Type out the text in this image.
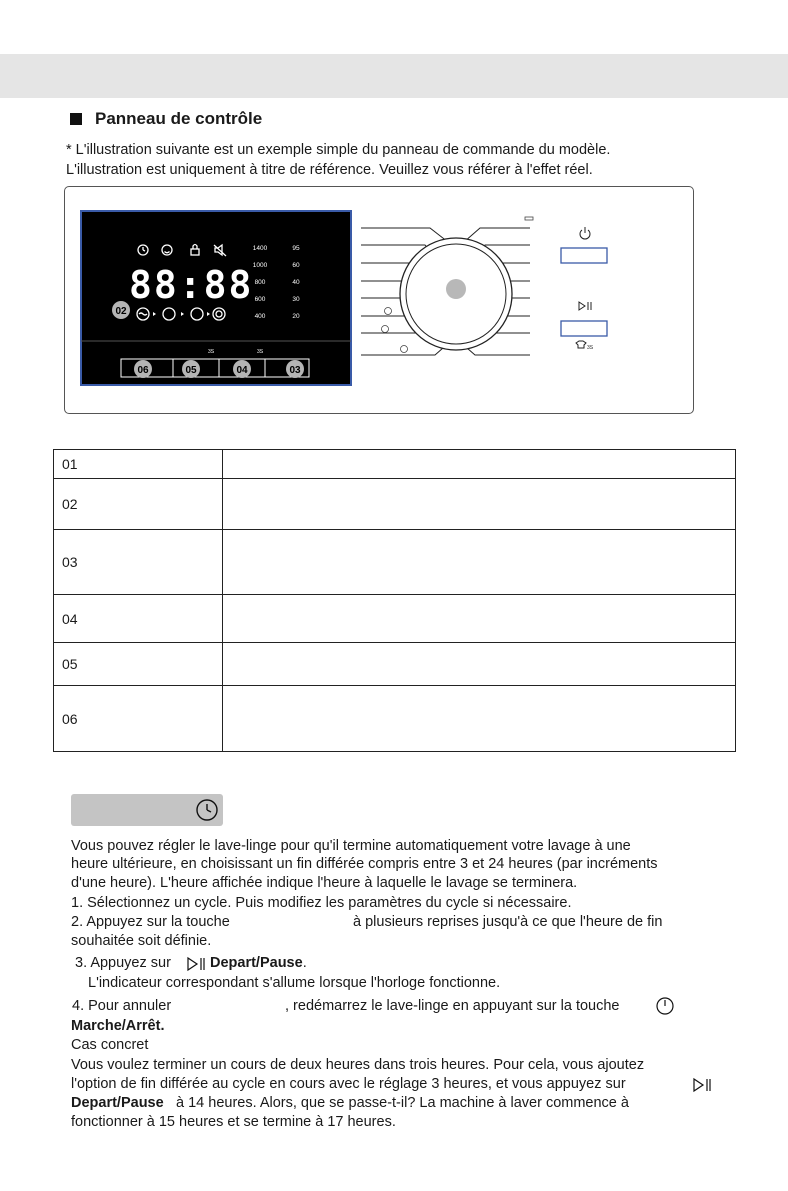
Panneau de contrôle
* L'illustration suivante est un exemple simple du panneau de commande du modèle.
L'illustration est uniquement à titre de référence. Veuillez vous référer à l'effet réel.
88:88
02
1400
1000
800
600
400
95
60
40
30
20
3S	3S
06	05	04	03
3S
01	
02	
03	
04	
05	
06	
Vous pouvez régler le lave-linge pour qu'il termine automatiquement votre lavage à une
heure ultérieure, en choisissant un fin différée compris entre 3 et 24 heures (par incréments
d'une heure). L'heure affichée indique l'heure à laquelle le lavage se terminera.
1. Sélectionnez un cycle. Puis modifiez les paramètres du cycle si nécessaire.
2. Appuyez sur la touche	à plusieurs reprises jusqu'à ce que l'heure de fin
souhaitée soit définie.
3. Appuyez sur	Depart/Pause.
L'indicateur correspondant s'allume lorsque l'horloge fonctionne.
4. Pour annuler	, redémarrez le lave-linge en appuyant sur la touche
Marche/Arrêt.
Cas concret
Vous voulez terminer un cours de deux heures dans trois heures. Pour cela, vous ajoutez
l'option de fin différée au cycle en cours avec le réglage 3 heures, et vous appuyez sur
Depart/Pause à 14 heures. Alors, que se passe-t-il? La machine à laver commence à
fonctionner à 15 heures et se termine à 17 heures.
